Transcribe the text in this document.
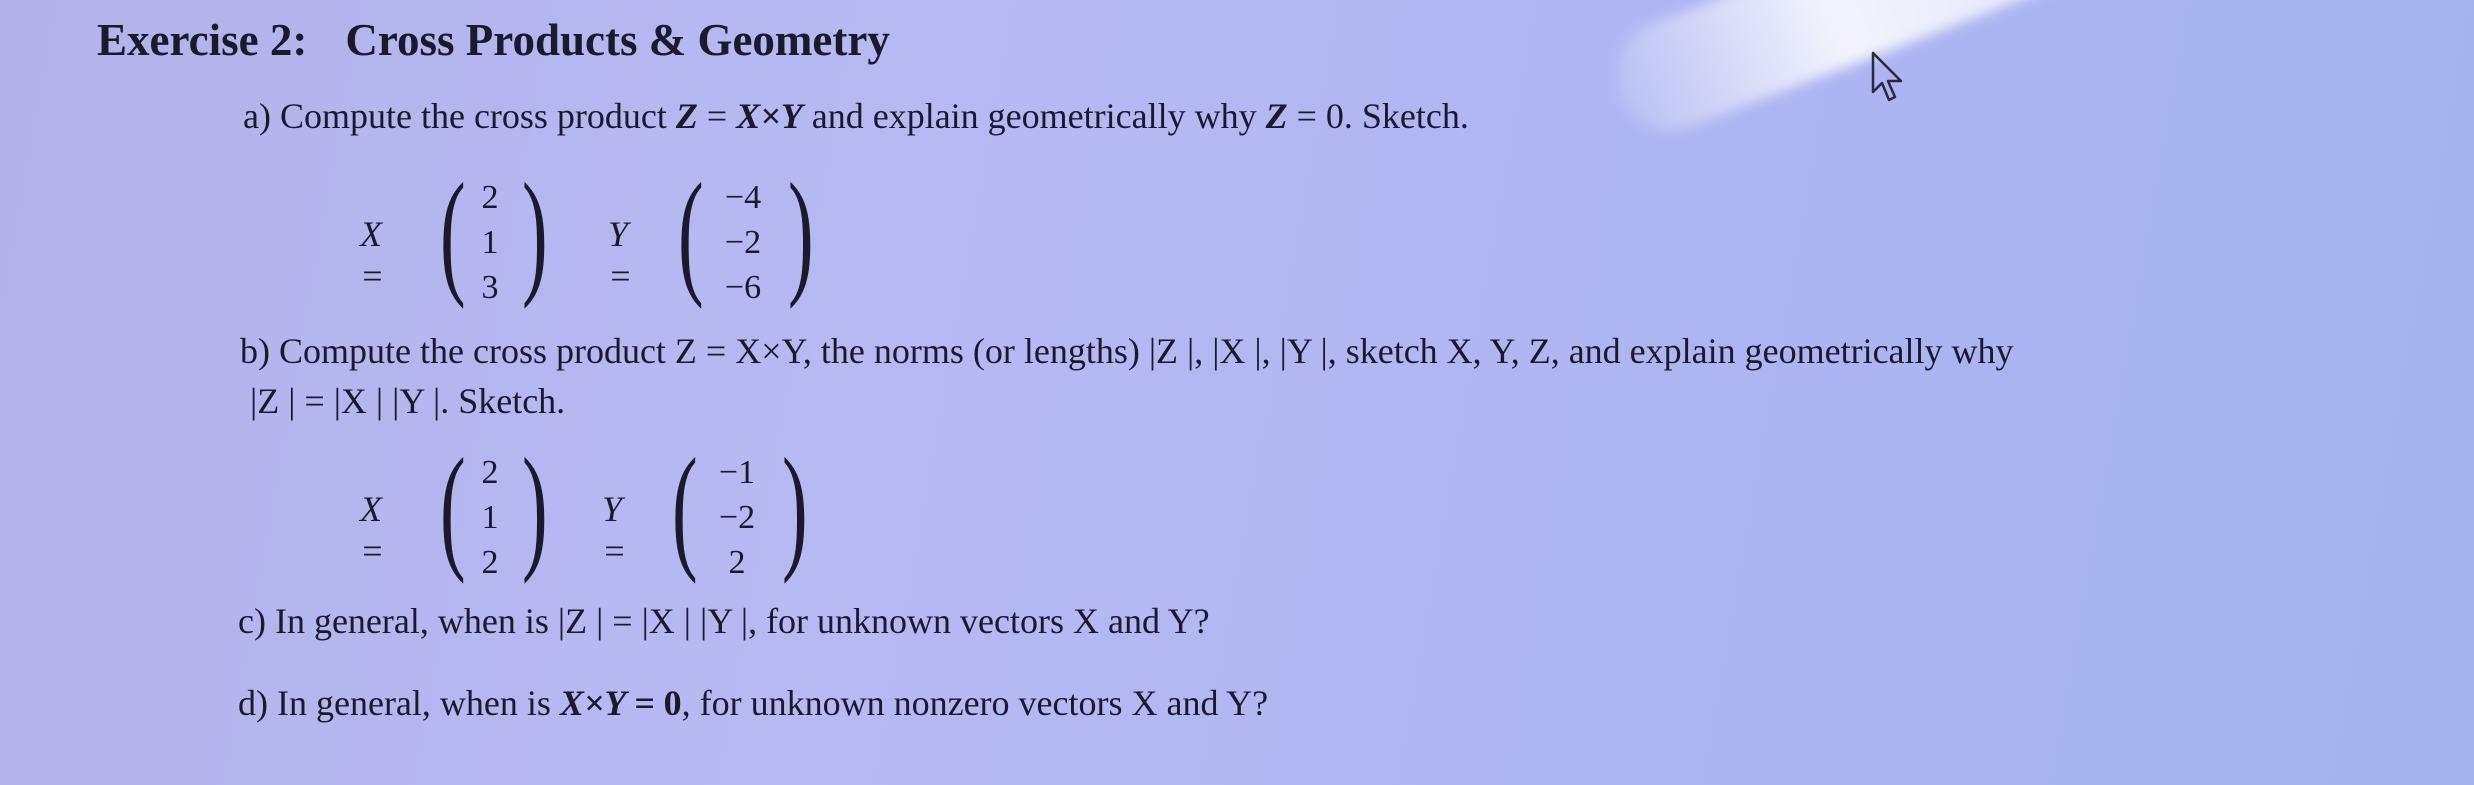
Exercise 2: Cross Products & Geometry
a) Compute the cross product Z = X×Y and explain geometrically why Z = 0. Sketch.
X = ( 2
1
3 ) Y = ( −4
−2
−6 )
b) Compute the cross product Z = X×Y, the norms (or lengths) |Z |, |X |, |Y |, sketch X, Y, Z, and explain geometrically why
|Z | = |X | |Y |. Sketch.
X = ( 2
1
2 ) Y = ( −1
−2
2 )
c) In general, when is |Z | = |X | |Y |, for unknown vectors X and Y?
d) In general, when is X×Y = 0, for unknown nonzero vectors X and Y?
